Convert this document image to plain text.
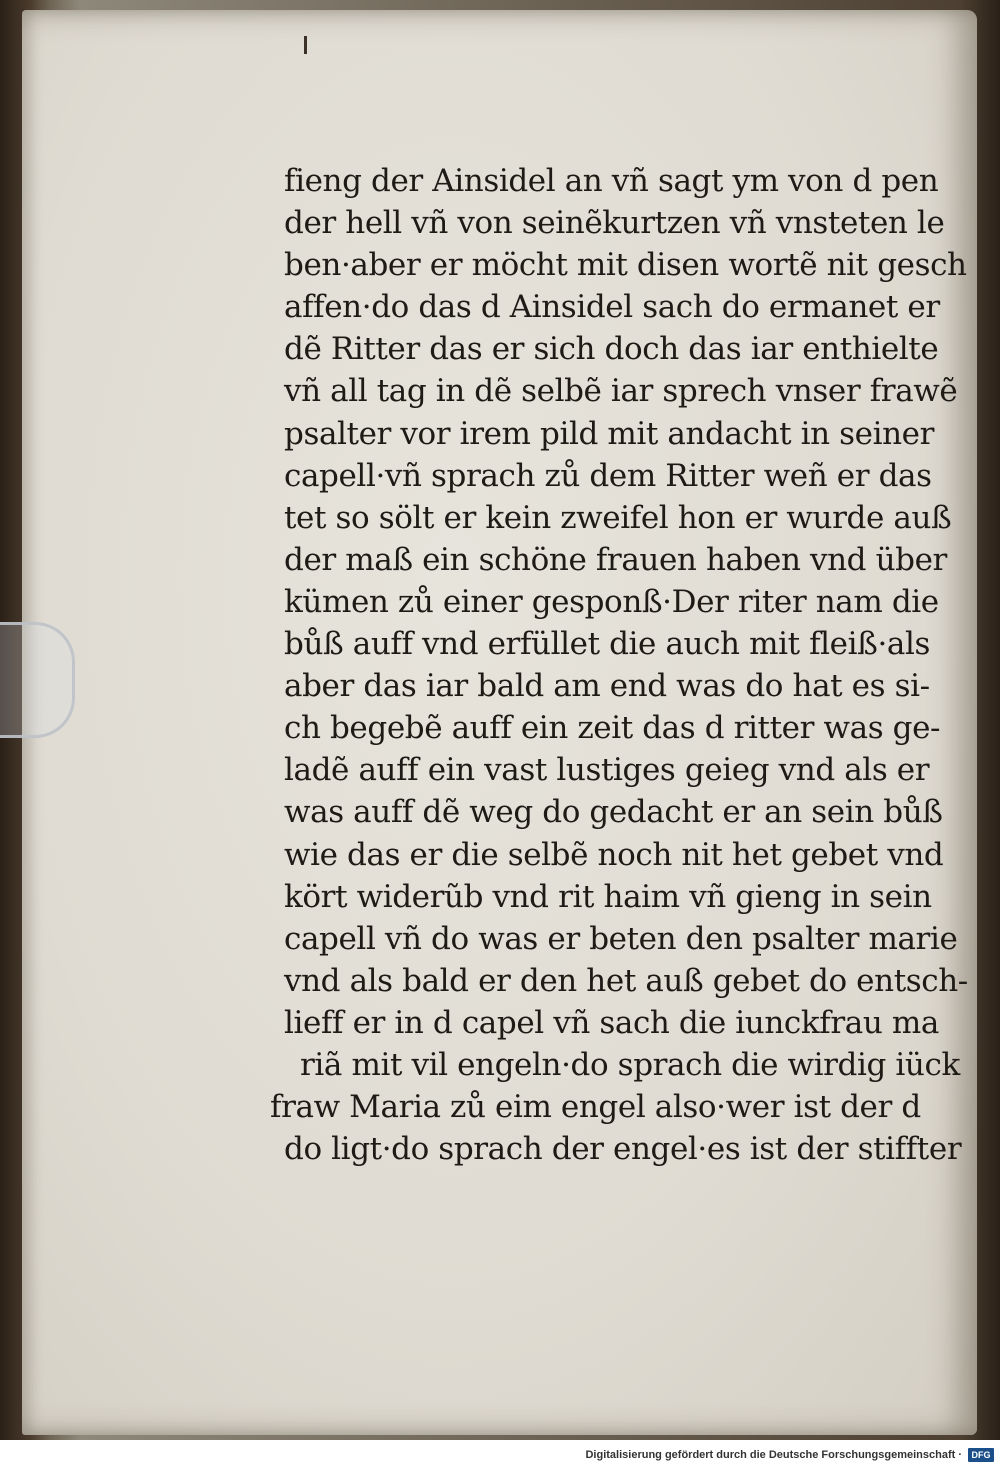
fieng der Ainsidel an vñ sagt ym von d pen
der hell vñ von seinẽkurtzen vñ vnsteten le
ben·aber er möcht mit disen wortẽ nit gesch
affen·do das d Ainsidel sach do ermanet er
dẽ Ritter das er sich doch das iar enthielte
vñ all tag in dẽ selbẽ iar sprech vnser frawẽ
psalter vor irem pild mit andacht in seiner
capell·vñ sprach zů dem Ritter weñ er das
tet so sölt er kein zweifel hon er wurde auß
der maß ein schöne frauen haben vnd über
kümen zů einer gesponß·Der riter nam die
bůß auff vnd erfüllet die auch mit fleiß·als
aber das iar bald am end was do hat es si-
ch begebẽ auff ein zeit das d ritter was ge-
ladẽ auff ein vast lustiges geieg vnd als er
was auff dẽ weg do gedacht er an sein bůß
wie das er die selbẽ noch nit het gebet vnd
kört widerũb vnd rit haim vñ gieng in sein
capell vñ do was er beten den psalter marie
vnd als bald er den het auß gebet do entsch-
lieff er in d capel vñ sach die iunckfrau ma
riã mit vil engeln·do sprach die wirdig iück
fraw Maria zů eim engel also·wer ist der d
do ligt·do sprach der engel·es ist der stiffter
Digitalisierung gefördert durch die Deutsche Forschungsgemeinschaft ·	DFG
